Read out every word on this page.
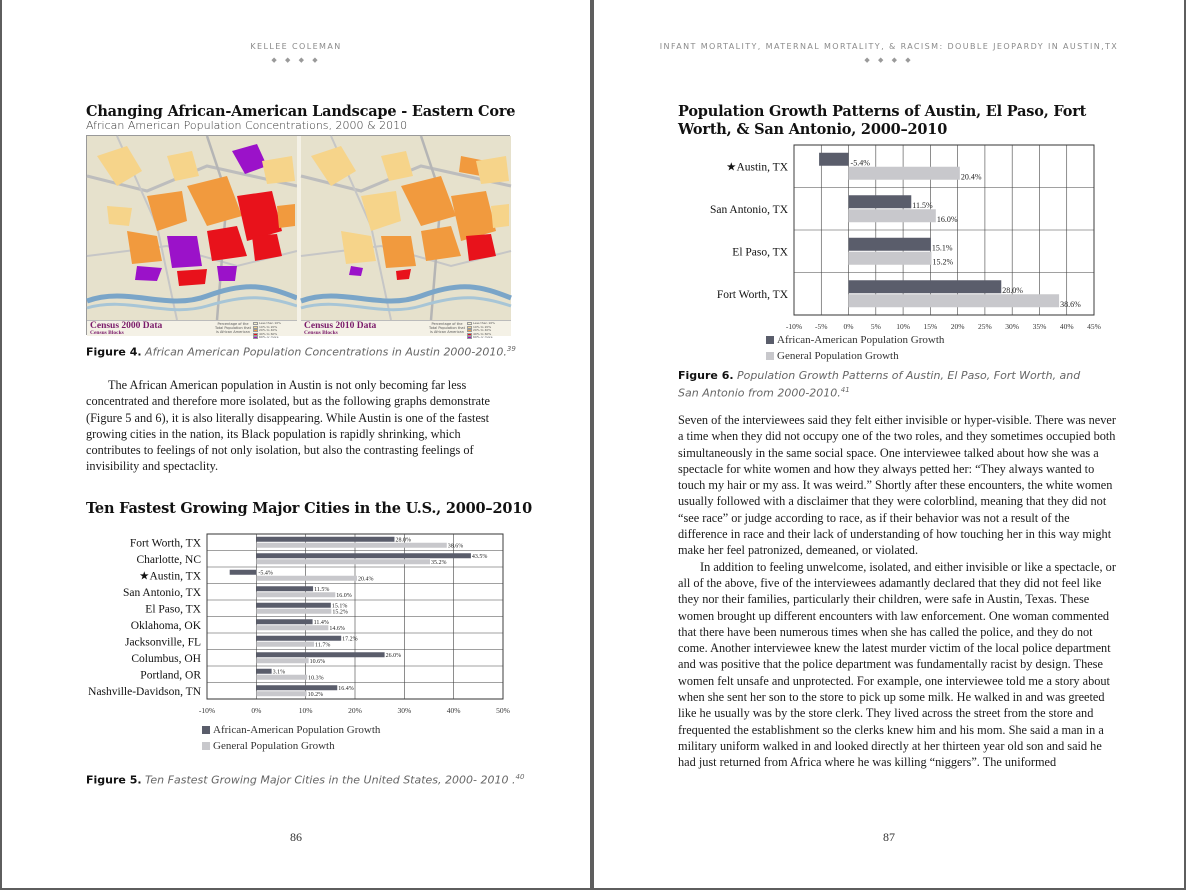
KELLEE COLEMAN
◆ ◆ ◆ ◆
Changing African-American Landscape - Eastern Core
African American Population Concentrations, 2000 & 2010
Census 2000 Data
Census Blocks
Percentage of the Total Population that is African American
Less than 10%
10% to 20%
20% to 40%
40% to 60%
60% or more
Census 2010 Data
Census Blocks
Percentage of the Total Population that is African American
Less than 10%
10% to 20%
20% to 40%
40% to 60%
60% or more
Figure 4. African American Population Concentrations in Austin 2000-2010.39

The African American population in Austin is not only becoming far less concentrated and therefore more isolated, but as the following graphs demonstrate (Figure 5 and 6), it is also literally disappearing. While Austin is one of the fastest growing cities in the nation, its Black population is rapidly shrinking, which contributes to feelings of not only isolation, but also the contrasting feelings of invisibility and spectaclity.

Ten Fastest Growing Major Cities in the U.S., 2000–2010
-10%	0%	10%	20%	30%	40%	50%
Fort Worth, TX	28.0%
38.6%
Charlotte, NC	43.5%
35.2%
★Austin, TX	-5.4%
20.4%
San Antonio, TX	11.5%
16.0%
El Paso, TX	15.1%
15.2%
Oklahoma, OK	11.4%
14.6%
Jacksonville, FL	17.2%
11.7%
Columbus, OH	26.0%
10.6%
Portland, OR	3.1%
10.3%
Nashville-Davidson, TN	16.4%
10.2%
African-American Population Growth
General Population Growth
Figure 5. Ten Fastest Growing Major Cities in the United States, 2000- 2010 .$^{40}$
86
INFANT MORTALITY, MATERNAL MORTALITY, & RACISM: DOUBLE JEOPARDY IN AUSTIN,TX
◆ ◆ ◆ ◆
Population Growth Patterns of Austin, El Paso, Fort Worth, & San Antonio, 2000–2010
-10% -5% 0% 5% 10% 15% 20% 25% 30% 35% 40% 45%
★Austin, TX	-5.4%
20.4%
San Antonio, TX	11.5%
16.0%
El Paso, TX	15.1%
15.2%
Fort Worth, TX	28.0%
38.6%
African-American Population Growth
General Population Growth
Figure 6. Population Growth Patterns of Austin, El Paso, Fort Worth, and San Antonio from 2000-2010.41

Seven of the interviewees said they felt either invisible or hyper-visible. There was never a time when they did not occupy one of the two roles, and they sometimes occupied both simultaneously in the same social space. One interviewee talked about how she was a spectacle for white women and how they always petted her: “They always wanted to touch my hair or my ass. It was weird.” Shortly after these encounters, the white women usually followed with a disclaimer that they were colorblind, meaning that they did not “see race” or judge according to race, as if their behavior was not a result of the difference in race and their lack of understanding of how touching her in this way might make her feel patronized, demeaned, or violated.

In addition to feeling unwelcome, isolated, and either invisible or like a spectacle, or all of the above, five of the interviewees adamantly declared that they did not feel like they nor their families, particularly their children, were safe in Austin, Texas. These women brought up different encounters with law enforcement. One woman commented that there have been numerous times when she has called the police, and they do not come. Another interviewee knew the latest murder victim of the local police department and was positive that the police department was fundamentally racist by design. These women felt unsafe and unprotected. For example, one interviewee told me a story about when she sent her son to the store to pick up some milk. He walked in and was greeted like he usually was by the store clerk. They lived across the street from the store and frequented the establishment so the clerks knew him and his mom. She said a man in a military uniform walked in and looked directly at her thirteen year old son and said he had just returned from Africa where he was killing “niggers”. The uniformed

87
